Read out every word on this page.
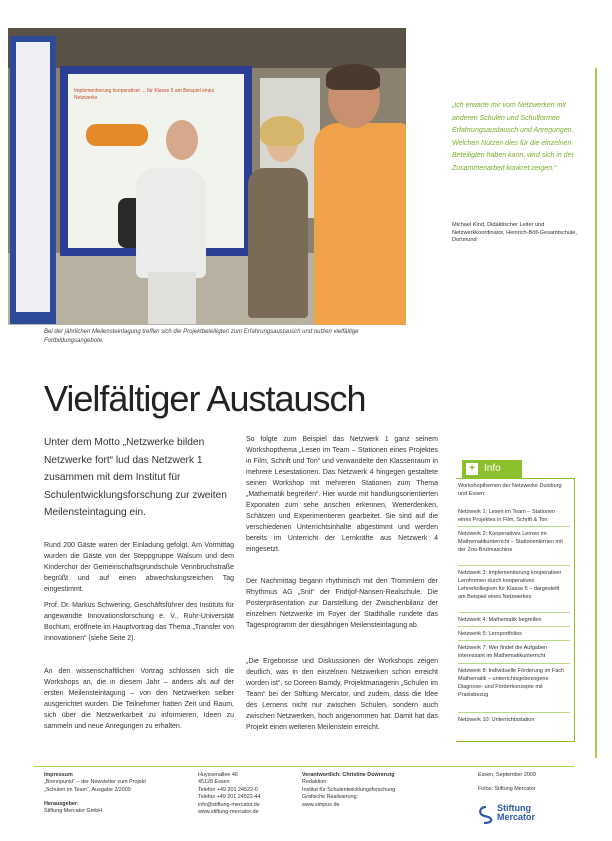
Implementierung kooperativer ... für Klasse 5 am Beispiel eines Netzwerks
Bei der jährlichen Meilensteintagung treffen sich die Projektbeteiligten zum Erfahrungsaustausch und nutzen vielfältige Fortbildungsangebote.
„Ich erwarte mir vom Netzwerken mit anderen Schulen und Schulformen Erfahrungsaustausch und Anregungen. Welchen Nutzen dies für die einzelnen Beteiligten haben kann, wird sich in der Zusammenarbeit konkret zeigen.“
Michael Kind, Didaktischer Leiter und Netzwerkkoordinator, Heinrich-Böll-Gesamtschule, Dortmund
Vielfältiger Austausch
Unter dem Motto „Netzwerke bilden Netzwerke fort“ lud das Netzwerk 1 zusammen mit dem Institut für Schulentwicklungsforschung zur zweiten Meilensteintagung ein.
Rund 200 Gäste waren der Einladung gefolgt. Am Vormittag wurden die Gäste von der Steppgruppe Walsum und dem Kinderchor der Gemeinschaftsgrundschule Vennbruchstraße begrüßt und auf einen abwechslungsreichen Tag eingestimmt.
Prof. Dr. Markus Schwering, Geschäftsführer des Instituts für angewandte Innovationsforschung e. V., Ruhr-Universität Bochum, eröffnete im Hauptvortrag das Thema „Transfer von Innovationen“ (siehe Seite 2).
An den wissenschaftlichen Vortrag schlossen sich die Workshops an, die in diesem Jahr – anders als auf der ersten Meilensteintagung – von den Netzwerken selber ausgerichtet wurden. Die Teilnehmer hatten Zeit und Raum, sich über die Netzwerkarbeit zu informieren, Ideen zu sammeln und neue Anregungen zu erhalten.
So folgte zum Beispiel das Netzwerk 1 ganz seinem Workshopthema „Lesen im Team – Stationen eines Projektes in Film, Schrift und Ton“ und verwandelte den Klassenraum in mehrere Lesestationen. Das Netzwerk 4 hingegen gestaltete seinen Workshop mit mehreren Stationen zum Thema „Mathematik begreifen“. Hier wurde mit handlungsorientierten Exponaten zum sehe anschen erkennen, Werterdenken, Schätzen und Experimentieren gearbeitet. Sie sind auf die verschiedenen Unterrichtsinhalte abgestimmt und werden bereits im Unterricht der Lernkräfte aus Netzwerk 4 eingesetzt.
Der Nachmittag begann rhythmisch mit den Trommlern der Rhythmus AG „Snit“ der Fridtjof-Nansen-Realschule. Die Posterpräsentation zur Darstellung der Zwischenbilanz der einzelnen Netzwerke im Foyer der Stadthalle rundete das Tagesprogramm der diesjährigen Meilensteintagung ab.
„Die Ergebnisse und Diskussionen der Workshops zeigen deutlich, was in den einzelnen Netzwerken schon erreicht worden ist“, so Doreen Bamdy, Projektmanagerin „Schulen im Team“ bei der Stiftung Mercator, und zudem, dass die Idee des Lernens nicht nur zwischen Schulen, sondern auch zwischen Netzwerken, hoch angenommen hat. Damit hat das Projekt einen weiteren Meilenstein erreicht.
+ Info
Workshopthemen der Netzwerke Duisburg und Essen:
Netzwerk 1: Lesen im Team – Stationen eines Projektes in Film, Schrift & Ton
Netzwerk 2: Kooperatives Lernen im Mathematikunterricht – Stationenlernen mit der Zoo-Brutmaschine
Netzwerk 3: Implementierung kooperativer Lernformen durch kooperatives Lehrerkollegium für Klasse 5 – dargestellt am Beispiel eines Netzwerkes
Netzwerk 4: Mathematik begreifen
Netzwerk 5: Lernportfolios
Netzwerk 7: Wer findet die Aufgaben interessant im Mathematikunterricht
Netzwerk 8: Individuelle Förderung im Fach Mathematik – unterrichtsgebezogene Diagnose- und Förderkonzepte mit Praxisbezug
Netzwerk 10: Unterrichtsstation
Impressum
„Brennpunkt“ – der Newsletter zum Projekt „Schulen im Team“, Ausgabe 2/2009
Herausgeber:
Stiftung Mercator GmbH
Huyssenallee 46
45128 Essen
Telefon +49 201 24522-0
Telefax +49 201 24522-44
info@stiftung-mercator.de
www.stiftung-mercator.de
Verantwortlich: Christine Dowrenzig
Redaktion:
Institut für Schulentwicklungsforschung
Grafische Realisierung:
www.simpus.de
Essen, September 2009
Fotos: Stiftung Mercator
Stiftung
Mercator
